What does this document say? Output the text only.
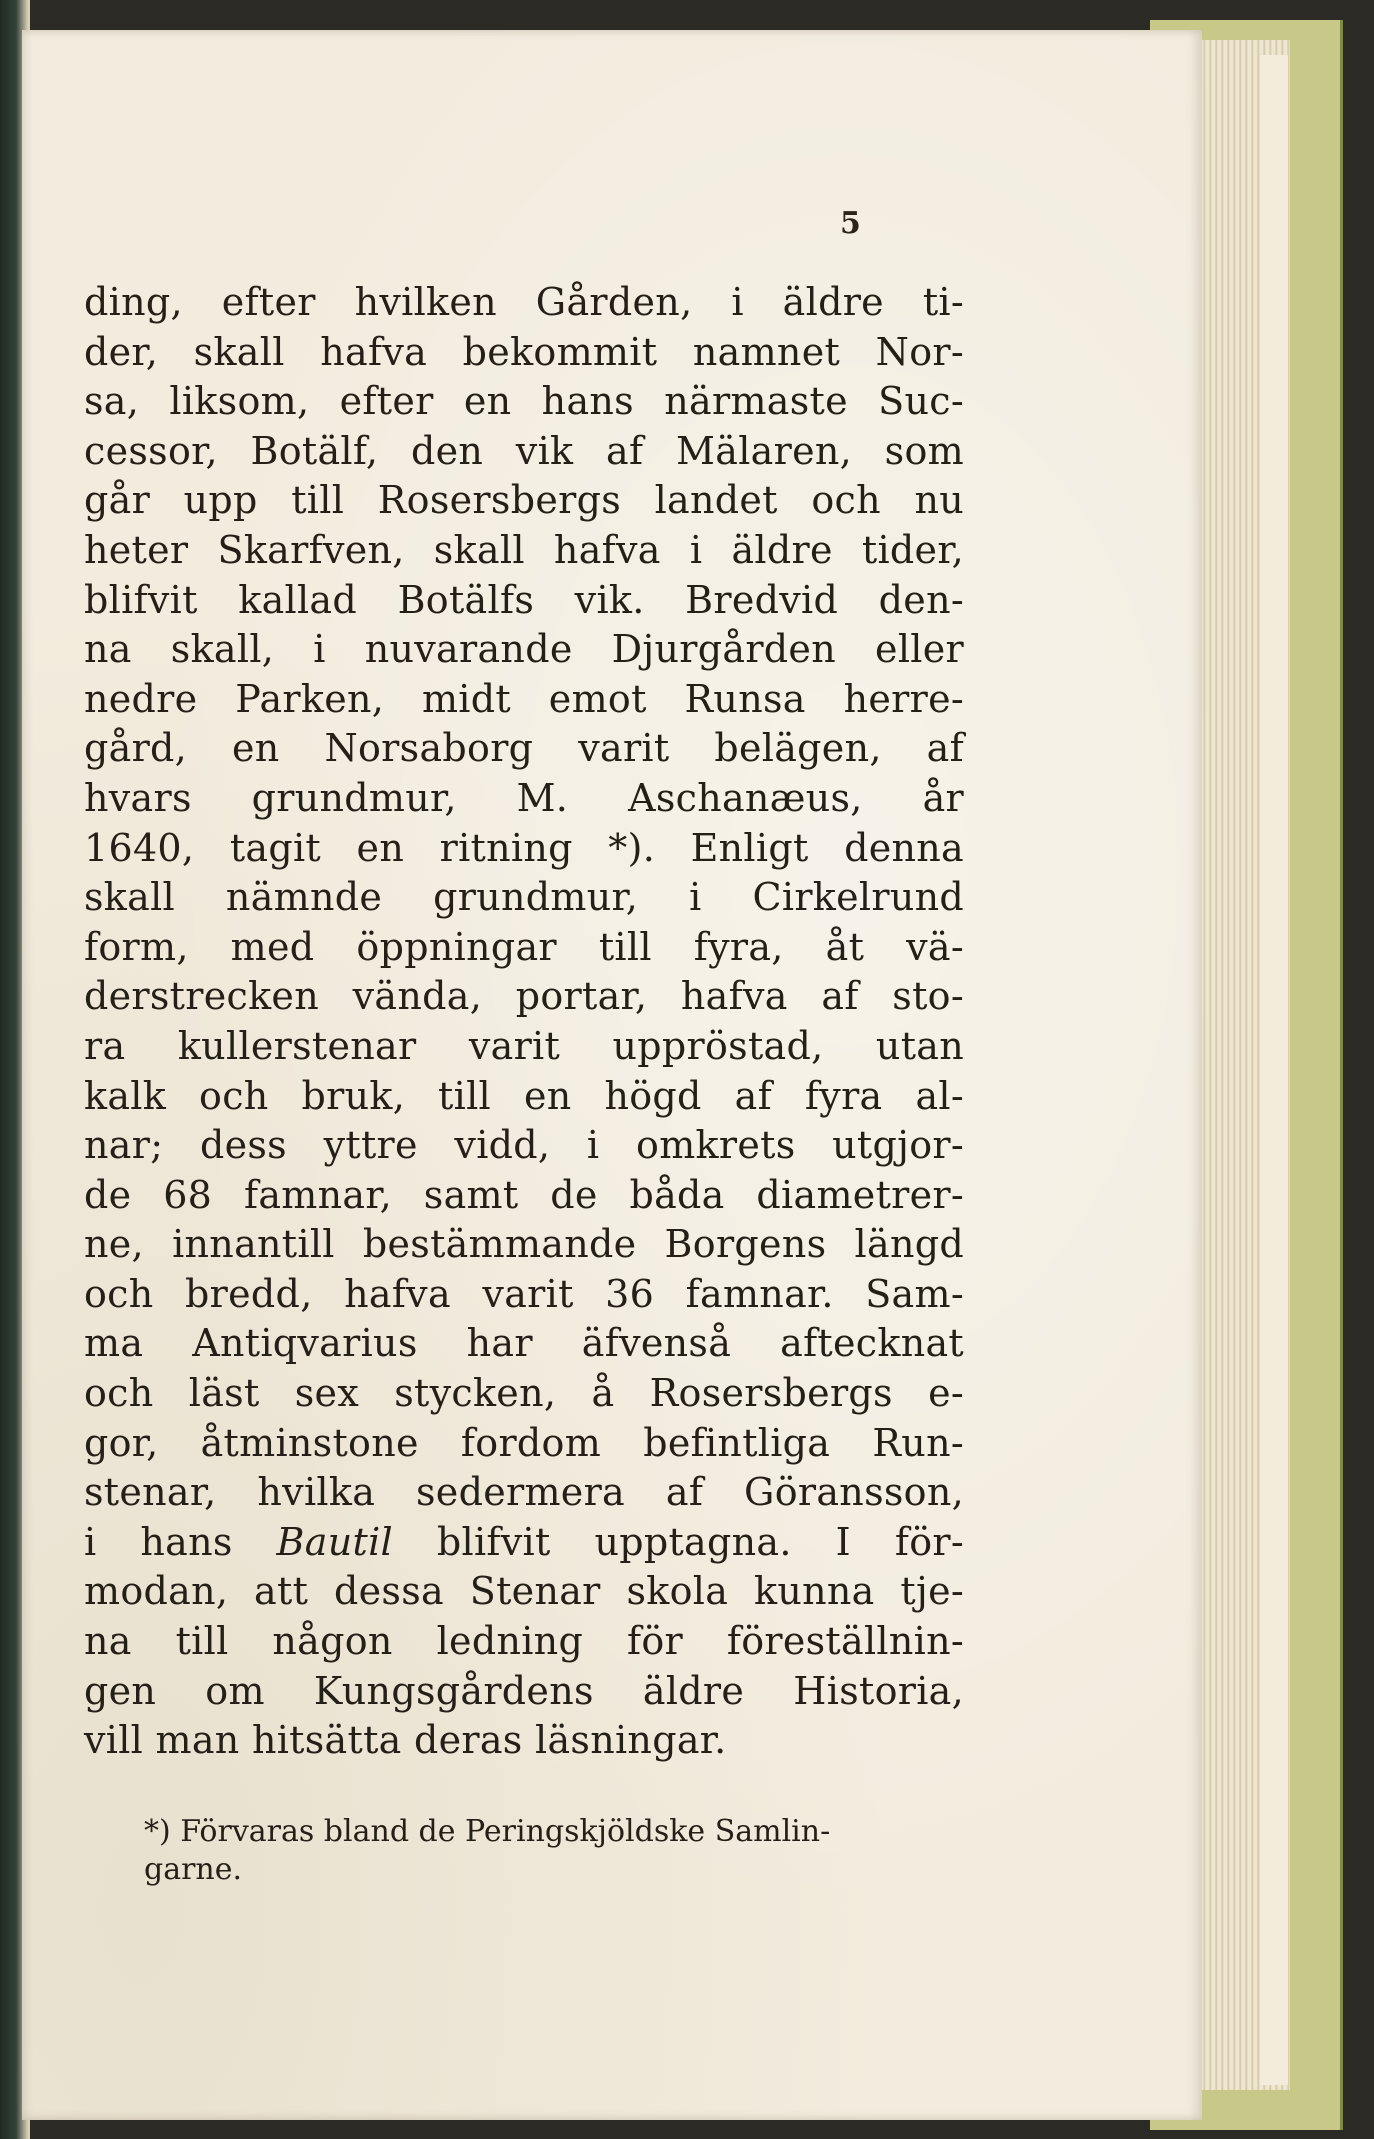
5
ding, efter hvilken Gården, i äldre ti-
der, skall hafva bekommit namnet Nor-
sa, liksom, efter en hans närmaste Suc-
cessor, Botälf, den vik af Mälaren, som
går upp till Rosersbergs landet och nu
heter Skarfven, skall hafva i äldre tider,
blifvit kallad Botälfs vik. Bredvid den-
na skall, i nuvarande Djurgården eller
nedre Parken, midt emot Runsa herre-
gård, en Norsaborg varit belägen, af
hvars grundmur, M. Aschanæus, år
1640, tagit en ritning *). Enligt denna
skall nämnde grundmur, i Cirkelrund
form, med öppningar till fyra, åt vä-
derstrecken vända, portar, hafva af sto-
ra kullerstenar varit uppröstad, utan
kalk och bruk, till en högd af fyra al-
nar; dess yttre vidd, i omkrets utgjor-
de 68 famnar, samt de båda diametrer-
ne, innantill bestämmande Borgens längd
och bredd, hafva varit 36 famnar. Sam-
ma Antiqvarius har äfvenså aftecknat
och läst sex stycken, å Rosersbergs e-
gor, åtminstone fordom befintliga Run-
stenar, hvilka sedermera af Göransson,
i hans Bautil blifvit upptagna. I för-
modan, att dessa Stenar skola kunna tje-
na till någon ledning för föreställnin-
gen om Kungsgårdens äldre Historia,
vill man hitsätta deras läsningar.
*) Förvaras bland de Peringskjöldske Samlin-
garne.
